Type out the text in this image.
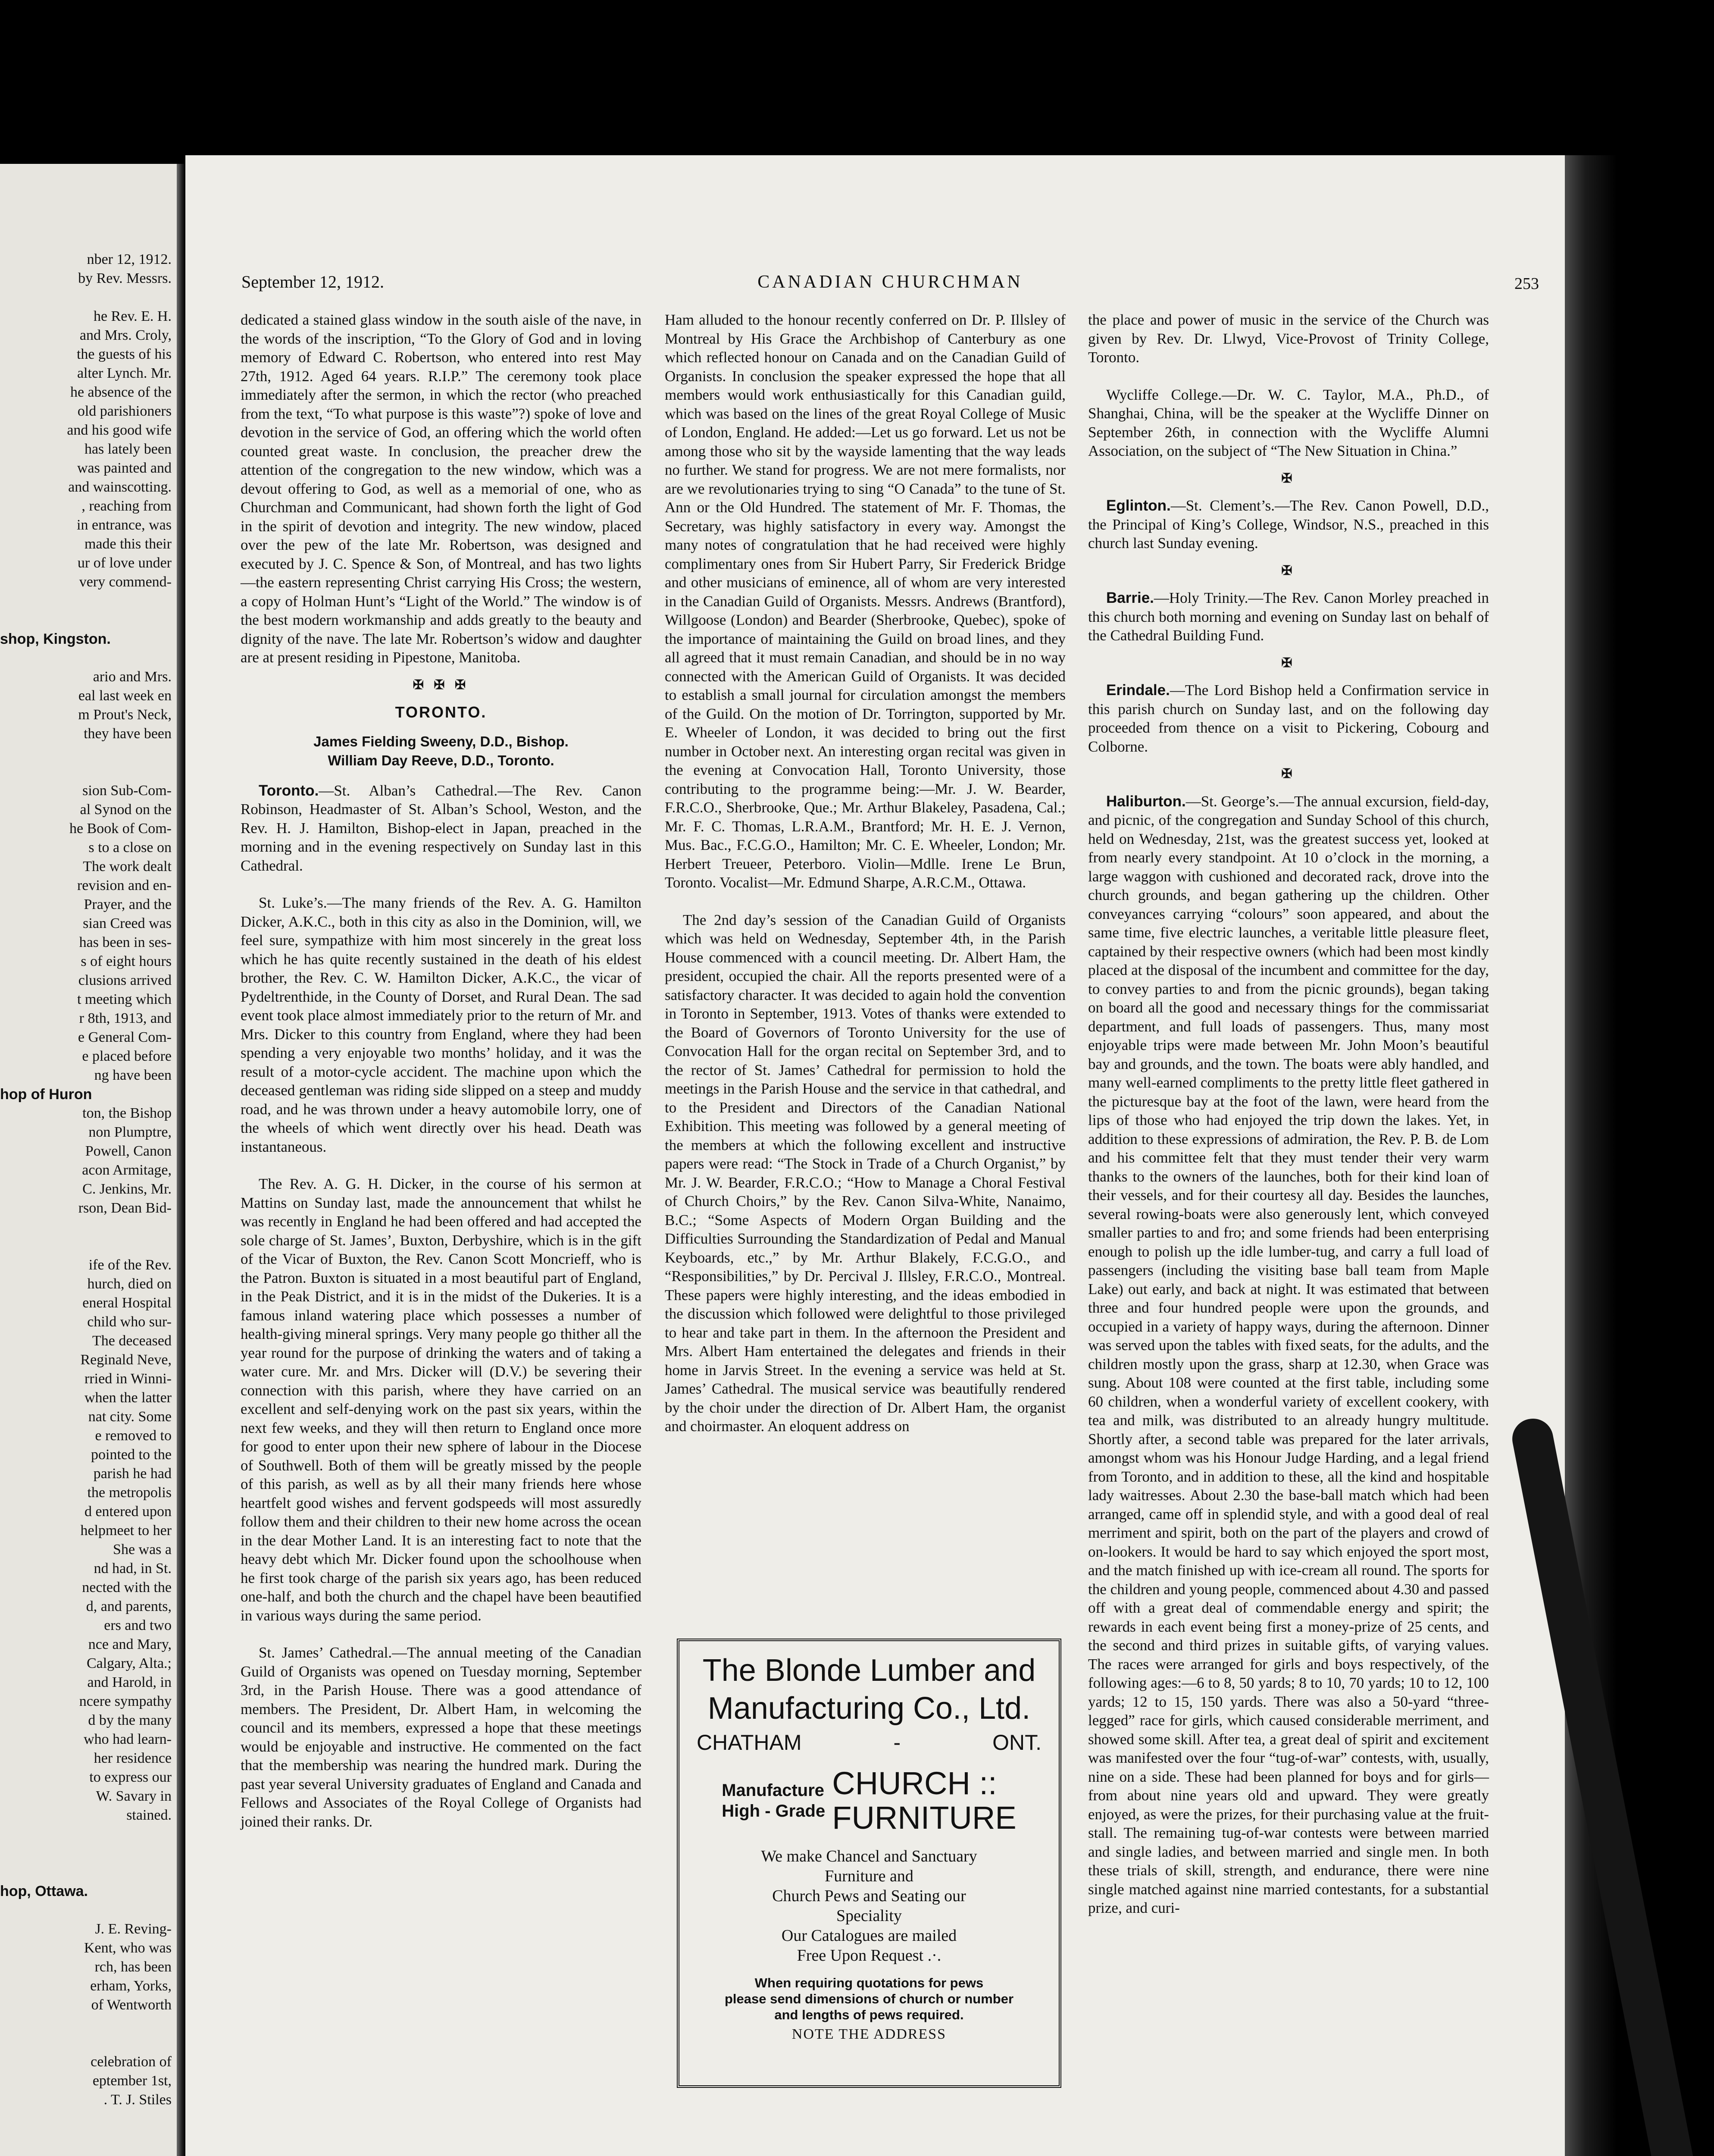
nber 12, 1912.

by Rev. Messrs.

he Rev. E. H.

and Mrs. Croly,

the guests of his

alter Lynch. Mr.

he absence of the

old parishioners

and his good wife

has lately been

was painted and

and wainscotting.

, reaching from

in entrance, was

made this their

ur of love under

very commend-

shop, Kingston.

ario and Mrs.

eal last week en

m Prout's Neck,

they have been

sion Sub-Com-

al Synod on the

he Book of Com-

s to a close on

The work dealt

revision and en-

Prayer, and the

sian Creed was

has been in ses-

s of eight hours

clusions arrived

t meeting which

r 8th, 1913, and

e General Com-

e placed before

ng have been

hop of Huron

ton, the Bishop

non Plumptre,

Powell, Canon

acon Armitage,

C. Jenkins, Mr.

rson, Dean Bid-

ife of the Rev.

hurch, died on

eneral Hospital

child who sur-

The deceased

Reginald Neve,

rried in Winni-

when the latter

nat city. Some

e removed to

pointed to the

parish he had

the metropolis

d entered upon

helpmeet to her

She was a

nd had, in St.

nected with the

d, and parents,

ers and two

nce and Mary,

Calgary, Alta.;

and Harold, in

ncere sympathy

d by the many

who had learn-

her residence

to express our

W. Savary in

stained.

hop, Ottawa.

J. E. Reving-

Kent, who was

rch, has been

erham, Yorks,

of Wentworth

celebration of

eptember 1st,

. T. J. Stiles

September 12, 1912.	CANADIAN CHURCHMAN	253

dedicated a stained glass window in the south aisle of the nave, in the words of the inscription, “To the Glory of God and in loving memory of Edward C. Robertson, who entered into rest May 27th, 1912. Aged 64 years. R.I.P.” The ceremony took place immediately after the sermon, in which the rector (who preached from the text, “To what purpose is this waste”?) spoke of love and devotion in the service of God, an offering which the world often counted great waste. In conclusion, the preacher drew the attention of the congregation to the new window, which was a devout offering to God, as well as a memorial of one, who as Churchman and Communicant, had shown forth the light of God in the spirit of devotion and integrity. The new window, placed over the pew of the late Mr. Robertson, was designed and executed by J. C. Spence & Son, of Montreal, and has two lights—the eastern representing Christ carrying His Cross; the western, a copy of Holman Hunt’s “Light of the World.” The window is of the best modern workmanship and adds greatly to the beauty and dignity of the nave. The late Mr. Robertson’s widow and daughter are at present residing in Pipestone, Manitoba.

✠ ✠ ✠
TORONTO.
James Fielding Sweeny, D.D., Bishop.
William Day Reeve, D.D., Toronto.

Toronto.—St. Alban’s Cathedral.—The Rev. Canon Robinson, Headmaster of St. Alban’s School, Weston, and the Rev. H. J. Hamilton, Bishop-elect in Japan, preached in the morning and in the evening respectively on Sunday last in this Cathedral.

St. Luke’s.—The many friends of the Rev. A. G. Hamilton Dicker, A.K.C., both in this city as also in the Dominion, will, we feel sure, sympathize with him most sincerely in the great loss which he has quite recently sustained in the death of his eldest brother, the Rev. C. W. Hamilton Dicker, A.K.C., the vicar of Pydeltrenthide, in the County of Dorset, and Rural Dean. The sad event took place almost immediately prior to the return of Mr. and Mrs. Dicker to this country from England, where they had been spending a very enjoyable two months’ holiday, and it was the result of a motor-cycle accident. The machine upon which the deceased gentleman was riding side slipped on a steep and muddy road, and he was thrown under a heavy automobile lorry, one of the wheels of which went directly over his head. Death was instantaneous.

The Rev. A. G. H. Dicker, in the course of his sermon at Mattins on Sunday last, made the announcement that whilst he was recently in England he had been offered and had accepted the sole charge of St. James’, Buxton, Derbyshire, which is in the gift of the Vicar of Buxton, the Rev. Canon Scott Moncrieff, who is the Patron. Buxton is situated in a most beautiful part of England, in the Peak District, and it is in the midst of the Dukeries. It is a famous inland watering place which possesses a number of health-giving mineral springs. Very many people go thither all the year round for the purpose of drinking the waters and of taking a water cure. Mr. and Mrs. Dicker will (D.V.) be severing their connection with this parish, where they have carried on an excellent and self-denying work on the past six years, within the next few weeks, and they will then return to England once more for good to enter upon their new sphere of labour in the Diocese of Southwell. Both of them will be greatly missed by the people of this parish, as well as by all their many friends here whose heartfelt good wishes and fervent godspeeds will most assuredly follow them and their children to their new home across the ocean in the dear Mother Land. It is an interesting fact to note that the heavy debt which Mr. Dicker found upon the schoolhouse when he first took charge of the parish six years ago, has been reduced one-half, and both the church and the chapel have been beautified in various ways during the same period.

St. James’ Cathedral.—The annual meeting of the Canadian Guild of Organists was opened on Tuesday morning, September 3rd, in the Parish House. There was a good attendance of members. The President, Dr. Albert Ham, in welcoming the council and its members, expressed a hope that these meetings would be enjoyable and instructive. He commented on the fact that the membership was nearing the hundred mark. During the past year several University graduates of England and Canada and Fellows and Associates of the Royal College of Organists had joined their ranks. Dr.

Ham alluded to the honour recently conferred on Dr. P. Illsley of Montreal by His Grace the Archbishop of Canterbury as one which reflected honour on Canada and on the Canadian Guild of Organists. In conclusion the speaker expressed the hope that all members would work enthusiastically for this Canadian guild, which was based on the lines of the great Royal College of Music of London, England. He added:—Let us go forward. Let us not be among those who sit by the wayside lamenting that the way leads no further. We stand for progress. We are not mere formalists, nor are we revolutionaries trying to sing “O Canada” to the tune of St. Ann or the Old Hundred. The statement of Mr. F. Thomas, the Secretary, was highly satisfactory in every way. Amongst the many notes of congratulation that he had received were highly complimentary ones from Sir Hubert Parry, Sir Frederick Bridge and other musicians of eminence, all of whom are very interested in the Canadian Guild of Organists. Messrs. Andrews (Brantford), Willgoose (London) and Bearder (Sherbrooke, Quebec), spoke of the importance of maintaining the Guild on broad lines, and they all agreed that it must remain Canadian, and should be in no way connected with the American Guild of Organists. It was decided to establish a small journal for circulation amongst the members of the Guild. On the motion of Dr. Torrington, supported by Mr. E. Wheeler of London, it was decided to bring out the first number in October next. An interesting organ recital was given in the evening at Convocation Hall, Toronto University, those contributing to the programme being:—Mr. J. W. Bearder, F.R.C.O., Sherbrooke, Que.; Mr. Arthur Blakeley, Pasadena, Cal.; Mr. F. C. Thomas, L.R.A.M., Brantford; Mr. H. E. J. Vernon, Mus. Bac., F.C.G.O., Hamilton; Mr. C. E. Wheeler, London; Mr. Herbert Treueer, Peterboro. Violin—Mdlle. Irene Le Brun, Toronto. Vocalist—Mr. Edmund Sharpe, A.R.C.M., Ottawa.

The 2nd day’s session of the Canadian Guild of Organists which was held on Wednesday, September 4th, in the Parish House commenced with a council meeting. Dr. Albert Ham, the president, occupied the chair. All the reports presented were of a satisfactory character. It was decided to again hold the convention in Toronto in September, 1913. Votes of thanks were extended to the Board of Governors of Toronto University for the use of Convocation Hall for the organ recital on September 3rd, and to the rector of St. James’ Cathedral for permission to hold the meetings in the Parish House and the service in that cathedral, and to the President and Directors of the Canadian National Exhibition. This meeting was followed by a general meeting of the members at which the following excellent and instructive papers were read: “The Stock in Trade of a Church Organist,” by Mr. J. W. Bearder, F.R.C.O.; “How to Manage a Choral Festival of Church Choirs,” by the Rev. Canon Silva-White, Nanaimo, B.C.; “Some Aspects of Modern Organ Building and the Difficulties Surrounding the Standardization of Pedal and Manual Keyboards, etc.,” by Mr. Arthur Blakely, F.C.G.O., and “Responsibilities,” by Dr. Percival J. Illsley, F.R.C.O., Montreal. These papers were highly interesting, and the ideas embodied in the discussion which followed were delightful to those privileged to hear and take part in them. In the afternoon the President and Mrs. Albert Ham entertained the delegates and friends in their home in Jarvis Street. In the evening a service was held at St. James’ Cathedral. The musical service was beautifully rendered by the choir under the direction of Dr. Albert Ham, the organist and choirmaster. An eloquent address on

The Blonde Lumber and
Manufacturing Co., Ltd.
CHATHAM	-	ONT.
Manufacture
High - Grade
CHURCH ::
FURNITURE
We make Chancel and Sanctuary
Furniture and
Church Pews and Seating our
Speciality
Our Catalogues are mailed
Free Upon Request .·.
When requiring quotations for pews
please send dimensions of church or number
and lengths of pews required.
NOTE THE ADDRESS

the place and power of music in the service of the Church was given by Rev. Dr. Llwyd, Vice-Provost of Trinity College, Toronto.

Wycliffe College.—Dr. W. C. Taylor, M.A., Ph.D., of Shanghai, China, will be the speaker at the Wycliffe Dinner on September 26th, in connection with the Wycliffe Alumni Association, on the subject of “The New Situation in China.”

✠

Eglinton.—St. Clement’s.—The Rev. Canon Powell, D.D., the Principal of King’s College, Windsor, N.S., preached in this church last Sunday evening.

✠

Barrie.—Holy Trinity.—The Rev. Canon Morley preached in this church both morning and evening on Sunday last on behalf of the Cathedral Building Fund.

✠

Erindale.—The Lord Bishop held a Confirmation service in this parish church on Sunday last, and on the following day proceeded from thence on a visit to Pickering, Cobourg and Colborne.

✠

Haliburton.—St. George’s.—The annual excursion, field-day, and picnic, of the congregation and Sunday School of this church, held on Wednesday, 21st, was the greatest success yet, looked at from nearly every standpoint. At 10 o’clock in the morning, a large waggon with cushioned and decorated rack, drove into the church grounds, and began gathering up the children. Other conveyances carrying “colours” soon appeared, and about the same time, five electric launches, a veritable little pleasure fleet, captained by their respective owners (which had been most kindly placed at the disposal of the incumbent and committee for the day, to convey parties to and from the picnic grounds), began taking on board all the good and necessary things for the commissariat department, and full loads of passengers. Thus, many most enjoyable trips were made between Mr. John Moon’s beautiful bay and grounds, and the town. The boats were ably handled, and many well-earned compliments to the pretty little fleet gathered in the picturesque bay at the foot of the lawn, were heard from the lips of those who had enjoyed the trip down the lakes. Yet, in addition to these expressions of admiration, the Rev. P. B. de Lom and his committee felt that they must tender their very warm thanks to the owners of the launches, both for their kind loan of their vessels, and for their courtesy all day. Besides the launches, several rowing-boats were also generously lent, which conveyed smaller parties to and fro; and some friends had been enterprising enough to polish up the idle lumber-tug, and carry a full load of passengers (including the visiting base ball team from Maple Lake) out early, and back at night. It was estimated that between three and four hundred people were upon the grounds, and occupied in a variety of happy ways, during the afternoon. Dinner was served upon the tables with fixed seats, for the adults, and the children mostly upon the grass, sharp at 12.30, when Grace was sung. About 108 were counted at the first table, including some 60 children, when a wonderful variety of excellent cookery, with tea and milk, was distributed to an already hungry multitude. Shortly after, a second table was prepared for the later arrivals, amongst whom was his Honour Judge Harding, and a legal friend from Toronto, and in addition to these, all the kind and hospitable lady waitresses. About 2.30 the base-ball match which had been arranged, came off in splendid style, and with a good deal of real merriment and spirit, both on the part of the players and crowd of on-lookers. It would be hard to say which enjoyed the sport most, and the match finished up with ice-cream all round. The sports for the children and young people, commenced about 4.30 and passed off with a great deal of commendable energy and spirit; the rewards in each event being first a money-prize of 25 cents, and the second and third prizes in suitable gifts, of varying values. The races were arranged for girls and boys respectively, of the following ages:—6 to 8, 50 yards; 8 to 10, 70 yards; 10 to 12, 100 yards; 12 to 15, 150 yards. There was also a 50-yard “three-legged” race for girls, which caused considerable merriment, and showed some skill. After tea, a great deal of spirit and excitement was manifested over the four “tug-of-war” contests, with, usually, nine on a side. These had been planned for boys and for girls—from about nine years old and upward. They were greatly enjoyed, as were the prizes, for their purchasing value at the fruit-stall. The remaining tug-of-war contests were between married and single ladies, and between married and single men. In both these trials of skill, strength, and endurance, there were nine single matched against nine married contestants, for a substantial prize, and curi-
